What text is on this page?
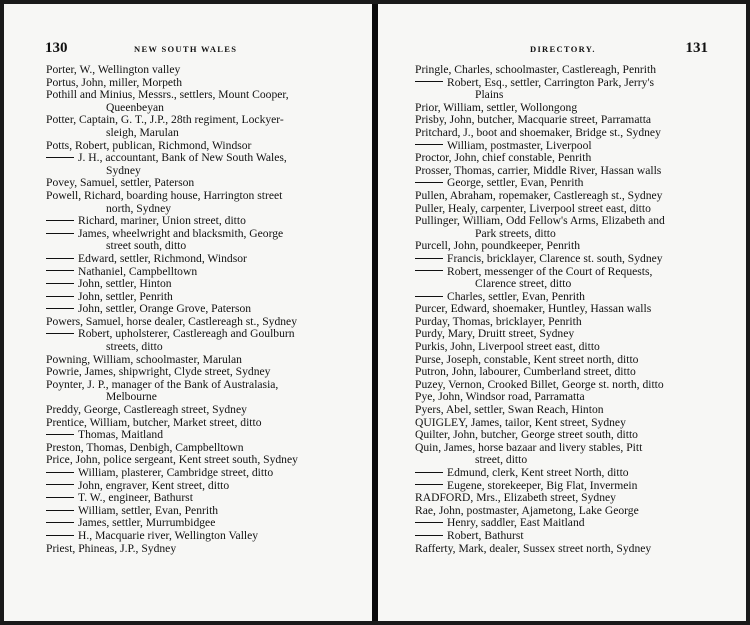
130	NEW SOUTH WALES
Porter, W., Wellington valley
Portus, John, miller, Morpeth
Pothill and Minius, Messrs., settlers, Mount Cooper,
Queenbeyan
Potter, Captain, G. T., J.P., 28th regiment, Lockyer-
sleigh, Marulan
Potts, Robert, publican, Richmond, Windsor
J. H., accountant, Bank of New South Wales,
Sydney
Povey, Samuel, settler, Paterson
Powell, Richard, boarding house, Harrington street
north, Sydney
Richard, mariner, Union street, ditto
James, wheelwright and blacksmith, George
street south, ditto
Edward, settler, Richmond, Windsor
Nathaniel, Campbelltown
John, settler, Hinton
John, settler, Penrith
John, settler, Orange Grove, Paterson
Powers, Samuel, horse dealer, Castlereagh st., Sydney
Robert, upholsterer, Castlereagh and Goulburn
streets, ditto
Powning, William, schoolmaster, Marulan
Powrie, James, shipwright, Clyde street, Sydney
Poynter, J. P., manager of the Bank of Australasia,
Melbourne
Preddy, George, Castlereagh street, Sydney
Prentice, William, butcher, Market street, ditto
Thomas, Maitland
Preston, Thomas, Denbigh, Campbelltown
Price, John, police sergeant, Kent street south, Sydney
William, plasterer, Cambridge street, ditto
John, engraver, Kent street, ditto
T. W., engineer, Bathurst
William, settler, Evan, Penrith
James, settler, Murrumbidgee
H., Macquarie river, Wellington Valley
Priest, Phineas, J.P., Sydney
DIRECTORY.	131
Pringle, Charles, schoolmaster, Castlereagh, Penrith
Robert, Esq., settler, Carrington Park, Jerry's
Plains
Prior, William, settler, Wollongong
Prisby, John, butcher, Macquarie street, Parramatta
Pritchard, J., boot and shoemaker, Bridge st., Sydney
William, postmaster, Liverpool
Proctor, John, chief constable, Penrith
Prosser, Thomas, carrier, Middle River, Hassan walls
George, settler, Evan, Penrith
Pullen, Abraham, ropemaker, Castlereagh st., Sydney
Puller, Healy, carpenter, Liverpool street east, ditto
Pullinger, William, Odd Fellow's Arms, Elizabeth and
Park streets, ditto
Purcell, John, poundkeeper, Penrith
Francis, bricklayer, Clarence st. south, Sydney
Robert, messenger of the Court of Requests,
Clarence street, ditto
Charles, settler, Evan, Penrith
Purcer, Edward, shoemaker, Huntley, Hassan walls
Purday, Thomas, bricklayer, Penrith
Purdy, Mary, Druitt street, Sydney
Purkis, John, Liverpool street east, ditto
Purse, Joseph, constable, Kent street north, ditto
Putron, John, labourer, Cumberland street, ditto
Puzey, Vernon, Crooked Billet, George st. north, ditto
Pye, John, Windsor road, Parramatta
Pyers, Abel, settler, Swan Reach, Hinton
QUIGLEY, James, tailor, Kent street, Sydney
Quilter, John, butcher, George street south, ditto
Quin, James, horse bazaar and livery stables, Pitt
street, ditto
Edmund, clerk, Kent street North, ditto
Eugene, storekeeper, Big Flat, Invermein
RADFORD, Mrs., Elizabeth street, Sydney
Rae, John, postmaster, Ajametong, Lake George
Henry, saddler, East Maitland
Robert, Bathurst
Rafferty, Mark, dealer, Sussex street north, Sydney
